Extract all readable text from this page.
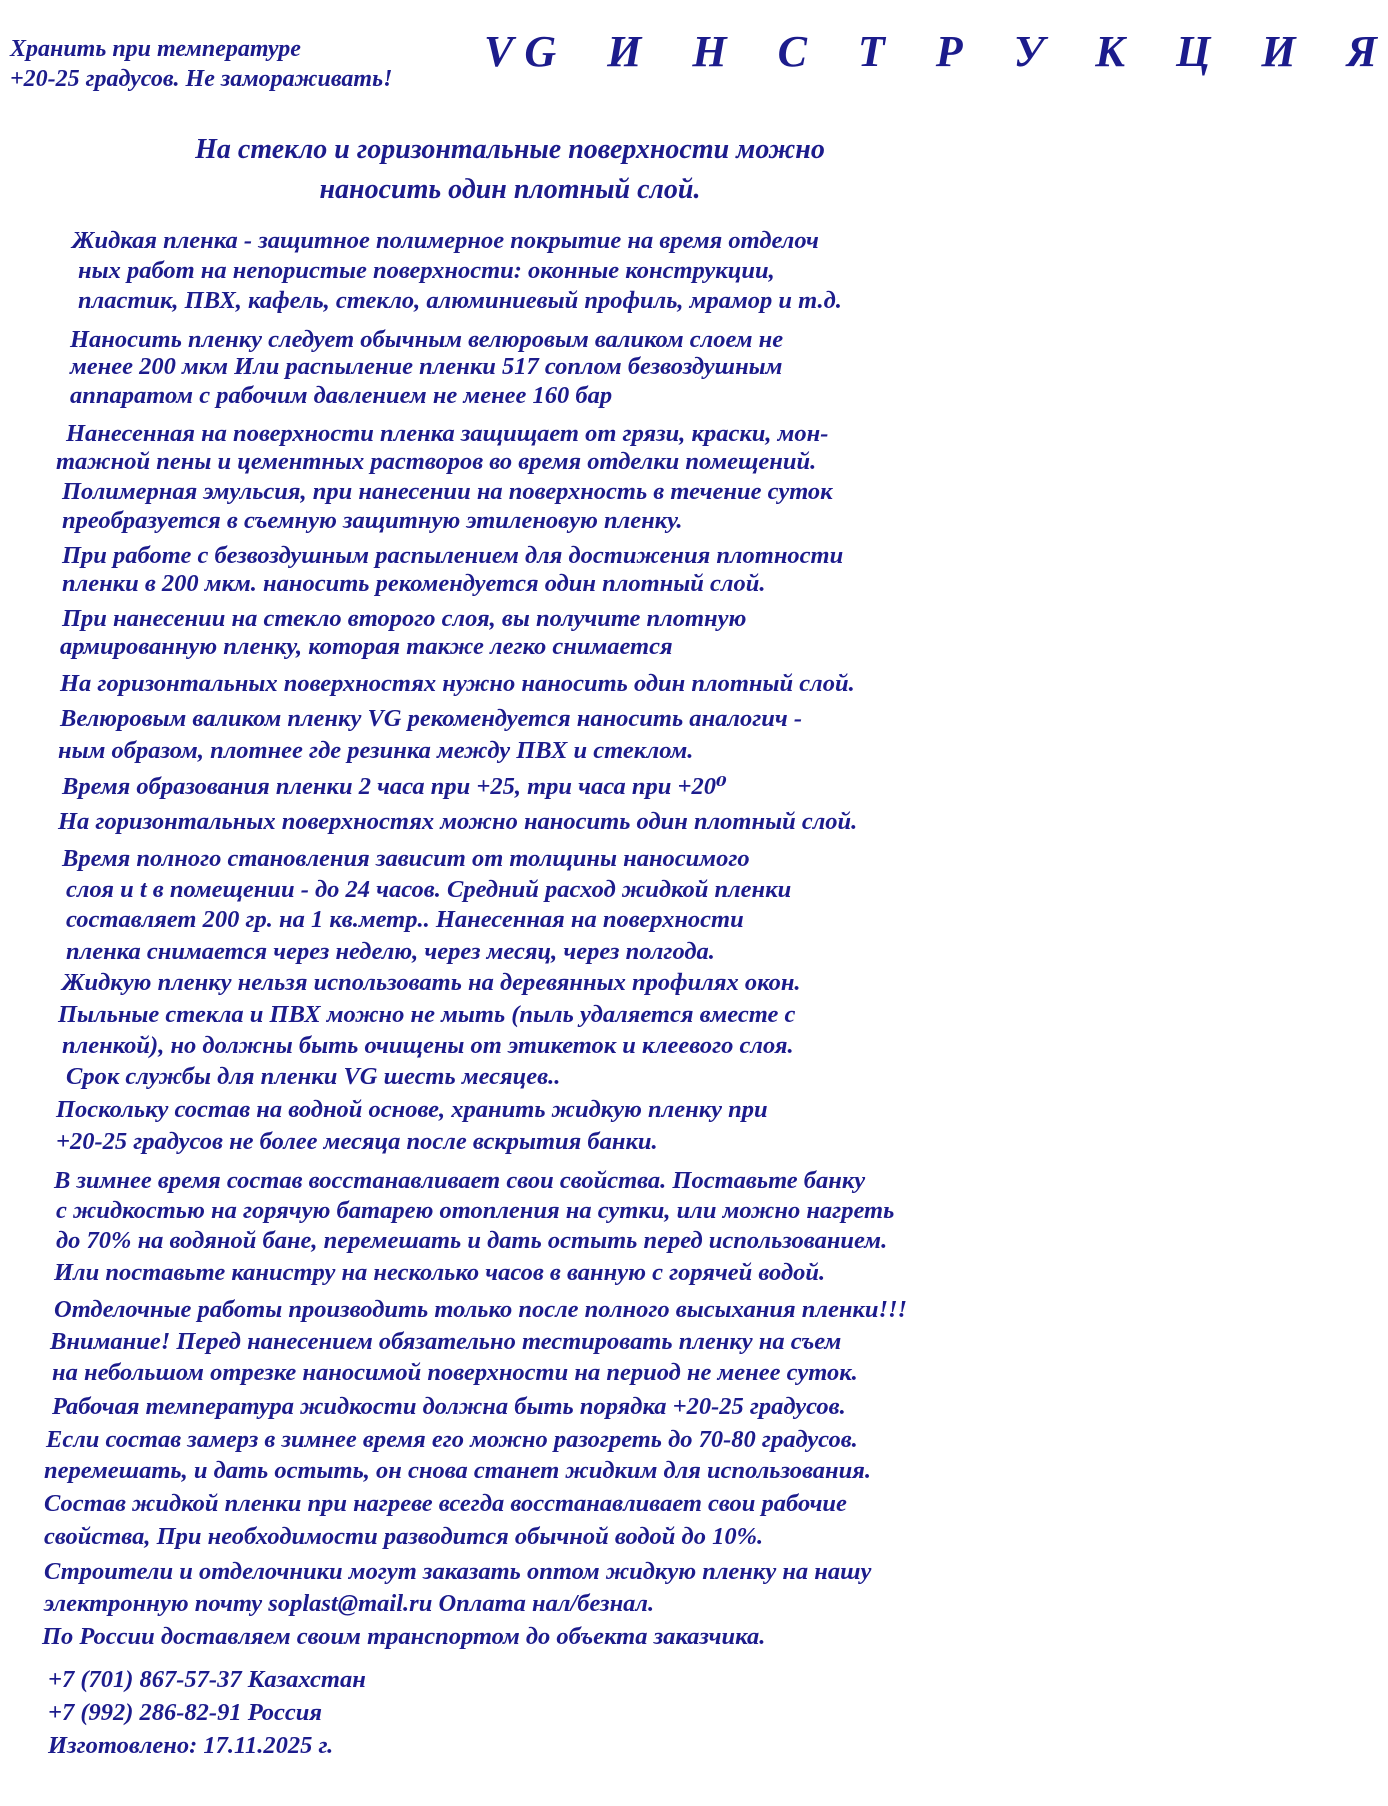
Хранить при температуре
+20-25 градусов. Не замораживать!
VG И Н С Т Р У К Ц И Я
На стекло и горизонтальные поверхности можно
наносить один плотный слой.
Жидкая пленка - защитное полимерное покрытие на время отделоч
ных работ на непористые поверхности: оконные конструкции,
пластик, ПВХ, кафель, стекло, алюминиевый профиль, мрамор и т.д.
Наносить пленку следует обычным велюровым валиком слоем не
менее 200 мкм Или распыление пленки 517 соплом безвоздушным
аппаратом с рабочим давлением не менее 160 бар
Нанесенная на поверхности пленка защищает от грязи, краски, мон-
тажной пены и цементных растворов во время отделки помещений.
Полимерная эмульсия, при нанесении на поверхность в течение суток
преобразуется в съемную защитную этиленовую пленку.
При работе с безвоздушным распылением для достижения плотности
пленки в 200 мкм. наносить рекомендуется один плотный слой.
При нанесении на стекло второго слоя, вы получите плотную
армированную пленку, которая также легко снимается
На горизонтальных поверхностях нужно наносить один плотный слой.
Велюровым валиком пленку VG рекомендуется наносить аналогич -
ным образом, плотнее где резинка между ПВХ и стеклом.
Время образования пленки 2 часа при +25, три часа при +20⁰
На горизонтальных поверхностях можно наносить один плотный слой.
Время полного становления зависит от толщины наносимого
слоя и t в помещении - до 24 часов. Средний расход жидкой пленки
составляет 200 гр. на 1 кв.метр.. Нанесенная на поверхности
пленка снимается через неделю, через месяц, через полгода.
Жидкую пленку нельзя использовать на деревянных профилях окон.
Пыльные стекла и ПВХ можно не мыть (пыль удаляется вместе с
пленкой), но должны быть очищены от этикеток и клеевого слоя.
Срок службы для пленки VG шесть месяцев..
Поскольку состав на водной основе, хранить жидкую пленку при
+20-25 градусов не более месяца после вскрытия банки.
В зимнее время состав восстанавливает свои свойства. Поставьте банку
с жидкостью на горячую батарею отопления на сутки, или можно нагреть
до 70% на водяной бане, перемешать и дать остыть перед использованием.
Или поставьте канистру на несколько часов в ванную с горячей водой.
Отделочные работы производить только после полного высыхания пленки!!!
Внимание! Перед нанесением обязательно тестировать пленку на съем
на небольшом отрезке наносимой поверхности на период не менее суток.
Рабочая температура жидкости должна быть порядка +20-25 градусов.
Если состав замерз в зимнее время его можно разогреть до 70-80 градусов.
перемешать, и дать остыть, он снова станет жидким для использования.
Состав жидкой пленки при нагреве всегда восстанавливает свои рабочие
свойства, При необходимости разводится обычной водой до 10%.
Строители и отделочники могут заказать оптом жидкую пленку на нашу
электронную почту soplast@mail.ru Оплата нал/безнал.
По России доставляем своим транспортом до объекта заказчика.
+7 (701) 867-57-37 Казахстан
+7 (992) 286-82-91 Россия
Изготовлено: 17.11.2025 г.
